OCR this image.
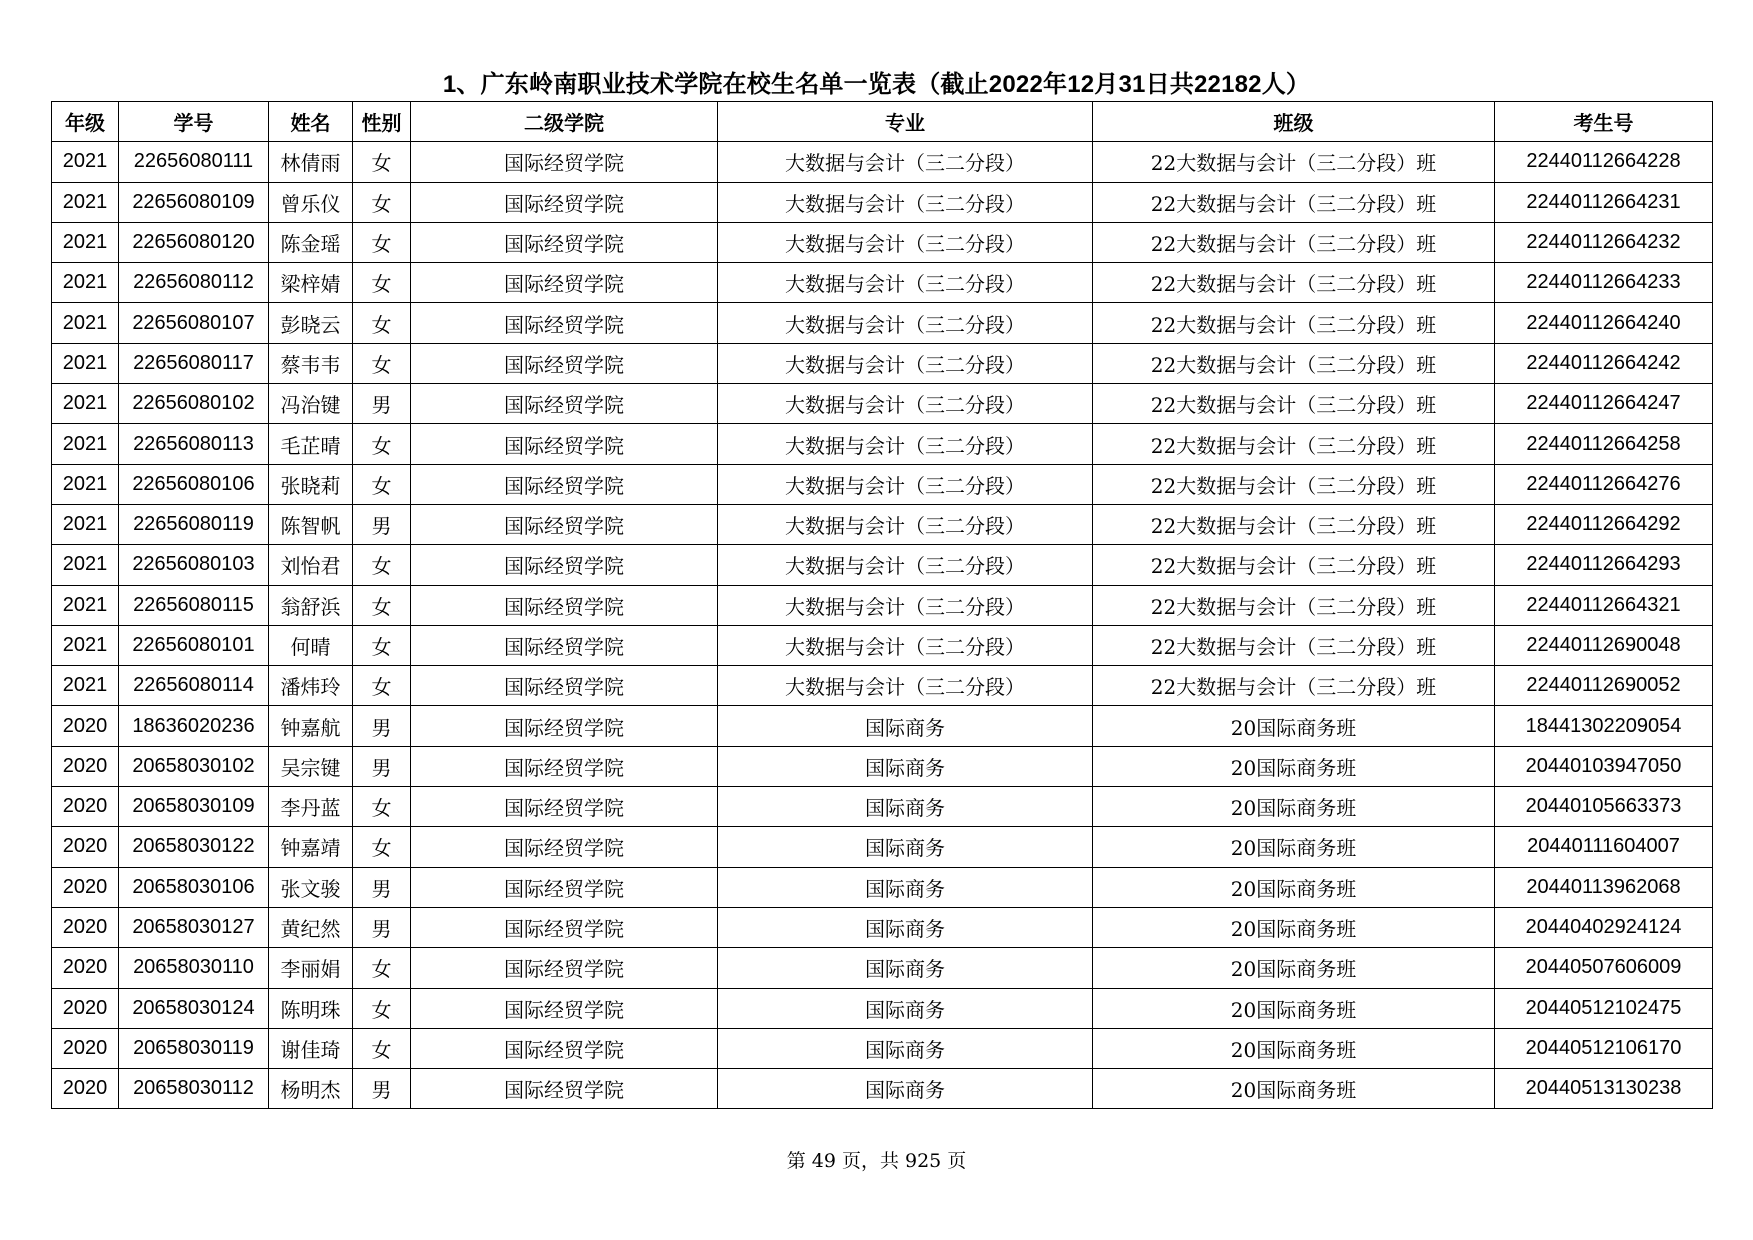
1、广东岭南职业技术学院在校生名单一览表（截止2022年12月31日共22182人）
年级	学号	姓名	性别	二级学院	专业	班级	考生号
2021	22656080111	林倩雨	女	国际经贸学院	大数据与会计（三二分段）	22大数据与会计（三二分段）班	22440112664228
2021	22656080109	曾乐仪	女	国际经贸学院	大数据与会计（三二分段）	22大数据与会计（三二分段）班	22440112664231
2021	22656080120	陈金瑶	女	国际经贸学院	大数据与会计（三二分段）	22大数据与会计（三二分段）班	22440112664232
2021	22656080112	梁梓婧	女	国际经贸学院	大数据与会计（三二分段）	22大数据与会计（三二分段）班	22440112664233
2021	22656080107	彭晓云	女	国际经贸学院	大数据与会计（三二分段）	22大数据与会计（三二分段）班	22440112664240
2021	22656080117	蔡韦韦	女	国际经贸学院	大数据与会计（三二分段）	22大数据与会计（三二分段）班	22440112664242
2021	22656080102	冯治键	男	国际经贸学院	大数据与会计（三二分段）	22大数据与会计（三二分段）班	22440112664247
2021	22656080113	毛芷晴	女	国际经贸学院	大数据与会计（三二分段）	22大数据与会计（三二分段）班	22440112664258
2021	22656080106	张晓莉	女	国际经贸学院	大数据与会计（三二分段）	22大数据与会计（三二分段）班	22440112664276
2021	22656080119	陈智帆	男	国际经贸学院	大数据与会计（三二分段）	22大数据与会计（三二分段）班	22440112664292
2021	22656080103	刘怡君	女	国际经贸学院	大数据与会计（三二分段）	22大数据与会计（三二分段）班	22440112664293
2021	22656080115	翁舒浜	女	国际经贸学院	大数据与会计（三二分段）	22大数据与会计（三二分段）班	22440112664321
2021	22656080101	何晴	女	国际经贸学院	大数据与会计（三二分段）	22大数据与会计（三二分段）班	22440112690048
2021	22656080114	潘炜玲	女	国际经贸学院	大数据与会计（三二分段）	22大数据与会计（三二分段）班	22440112690052
2020	18636020236	钟嘉航	男	国际经贸学院	国际商务	20国际商务班	18441302209054
2020	20658030102	吴宗键	男	国际经贸学院	国际商务	20国际商务班	20440103947050
2020	20658030109	李丹蓝	女	国际经贸学院	国际商务	20国际商务班	20440105663373
2020	20658030122	钟嘉靖	女	国际经贸学院	国际商务	20国际商务班	20440111604007
2020	20658030106	张文骏	男	国际经贸学院	国际商务	20国际商务班	20440113962068
2020	20658030127	黄纪然	男	国际经贸学院	国际商务	20国际商务班	20440402924124
2020	20658030110	李丽娟	女	国际经贸学院	国际商务	20国际商务班	20440507606009
2020	20658030124	陈明珠	女	国际经贸学院	国际商务	20国际商务班	20440512102475
2020	20658030119	谢佳琦	女	国际经贸学院	国际商务	20国际商务班	20440512106170
2020	20658030112	杨明杰	男	国际经贸学院	国际商务	20国际商务班	20440513130238
第 49 页，共 925 页
